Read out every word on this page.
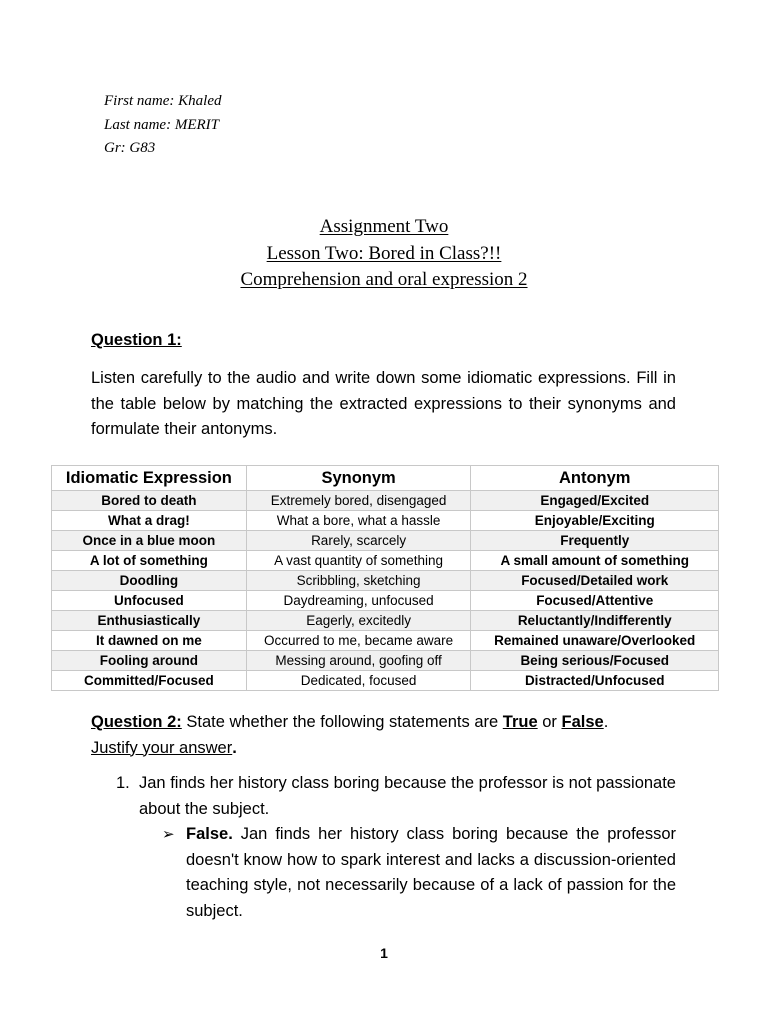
First name: Khaled
Last name: MERIT
Gr: G83
Assignment Two
Lesson Two: Bored in Class?!!
Comprehension and oral expression 2
Question 1:
Listen carefully to the audio and write down some idiomatic expressions. Fill in the table below by matching the extracted expressions to their synonyms and formulate their antonyms.
Idiomatic Expression	Synonym	Antonym
Bored to death	Extremely bored, disengaged	Engaged/Excited
What a drag!	What a bore, what a hassle	Enjoyable/Exciting
Once in a blue moon	Rarely, scarcely	Frequently
A lot of something	A vast quantity of something	A small amount of something
Doodling	Scribbling, sketching	Focused/Detailed work
Unfocused	Daydreaming, unfocused	Focused/Attentive
Enthusiastically	Eagerly, excitedly	Reluctantly/Indifferently
It dawned on me	Occurred to me, became aware	Remained unaware/Overlooked
Fooling around	Messing around, goofing off	Being serious/Focused
Committed/Focused	Dedicated, focused	Distracted/Unfocused
Question 2: State whether the following statements are True or False.
Justify your answer.
1. Jan finds her history class boring because the professor is not passionate about the subject.
➢ False. Jan finds her history class boring because the professor doesn't know how to spark interest and lacks a discussion-oriented teaching style, not necessarily because of a lack of passion for the subject.
1
